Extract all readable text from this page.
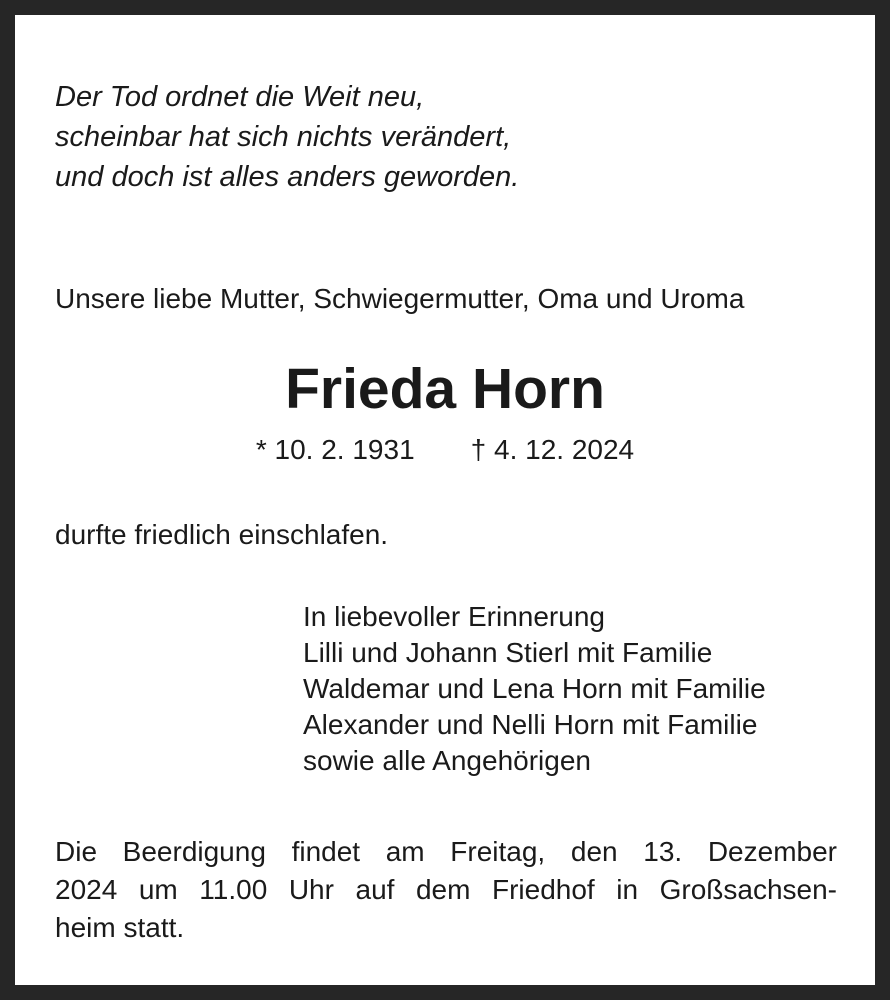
Der Tod ordnet die Weit neu,
scheinbar hat sich nichts verändert,
und doch ist alles anders geworden.
Unsere liebe Mutter, Schwiegermutter, Oma und Uroma
Frieda Horn
* 10. 2. 1931 † 4. 12. 2024
durfte friedlich einschlafen.
In liebevoller Erinnerung
Lilli und Johann Stierl mit Familie
Waldemar und Lena Horn mit Familie
Alexander und Nelli Horn mit Familie
sowie alle Angehörigen
Die Beerdigung findet am Freitag, den 13. Dezember
2024 um 11.00 Uhr auf dem Friedhof in Großsachsen-
heim statt.
